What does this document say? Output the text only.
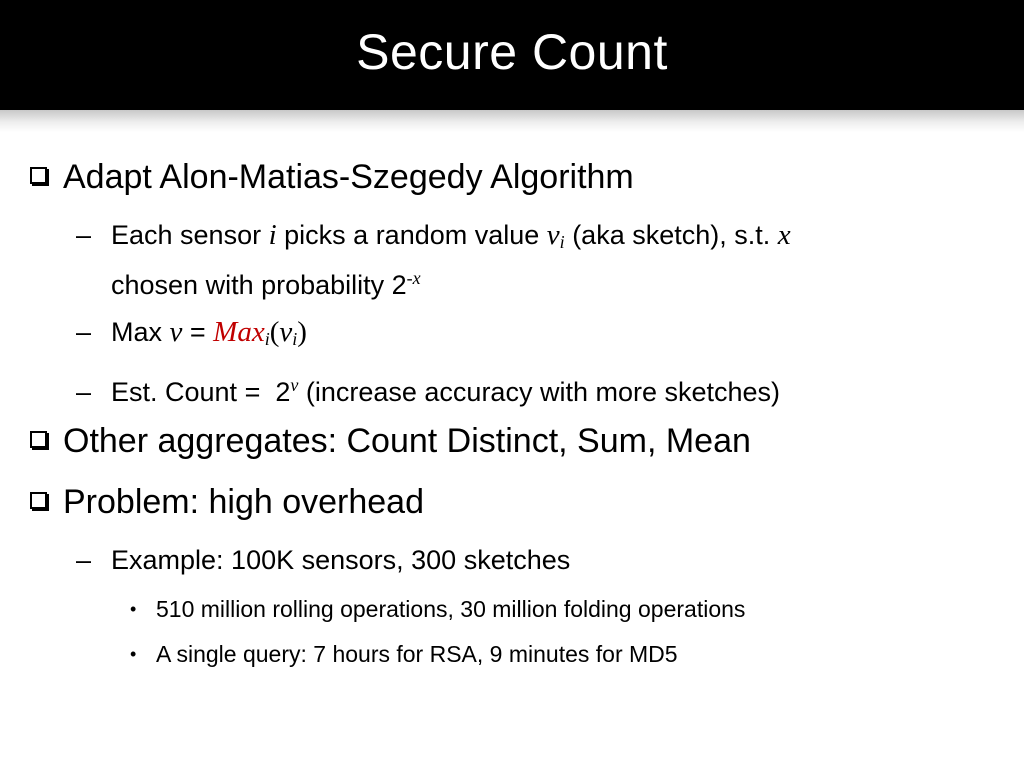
Secure Count
Adapt Alon-Matias-Szegedy Algorithm
– Each sensor i picks a random value $v_i$ (aka sketch), s.t. x
chosen with probability $2^{-x}$
– Max $v = Max_i(v_i)$
– Est. Count =  2$^v$ (increase accuracy with more sketches)
Other aggregates: Count Distinct, Sum, Mean
Problem: high overhead
– Example: 100K sensors, 300 sketches
• 510 million rolling operations, 30 million folding operations
• A single query: 7 hours for RSA, 9 minutes for MD5
